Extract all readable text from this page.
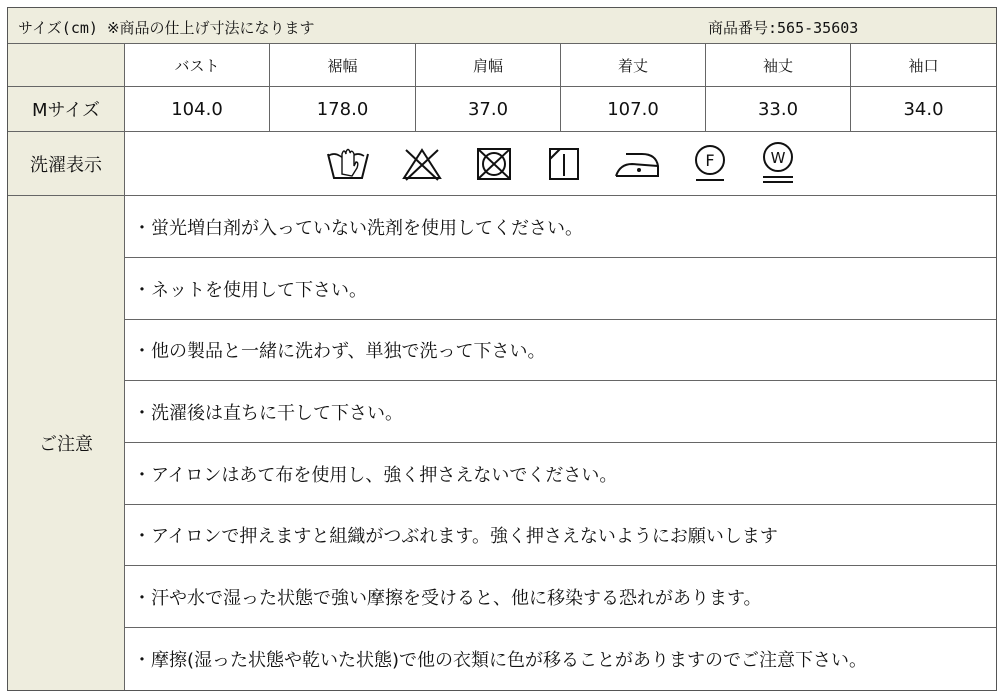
サイズ(cm) ※商品の仕上げ寸法になります	商品番号:565-35603
バスト	裾幅	肩幅	着丈	袖丈	袖口
Mサイズ	104.0	178.0	37.0	107.0	33.0	34.0
洗濯表示	F	W
ご注意
・蛍光増白剤が入っていない洗剤を使用してください。
・ネットを使用して下さい。
・他の製品と一緒に洗わず、単独で洗って下さい。
・洗濯後は直ちに干して下さい。
・アイロンはあて布を使用し、強く押さえないでください。
・アイロンで押えますと組織がつぶれます。強く押さえないようにお願いします
・汗や水で湿った状態で強い摩擦を受けると、他に移染する恐れがあります。
・摩擦(湿った状態や乾いた状態)で他の衣類に色が移ることがありますのでご注意下さい。
